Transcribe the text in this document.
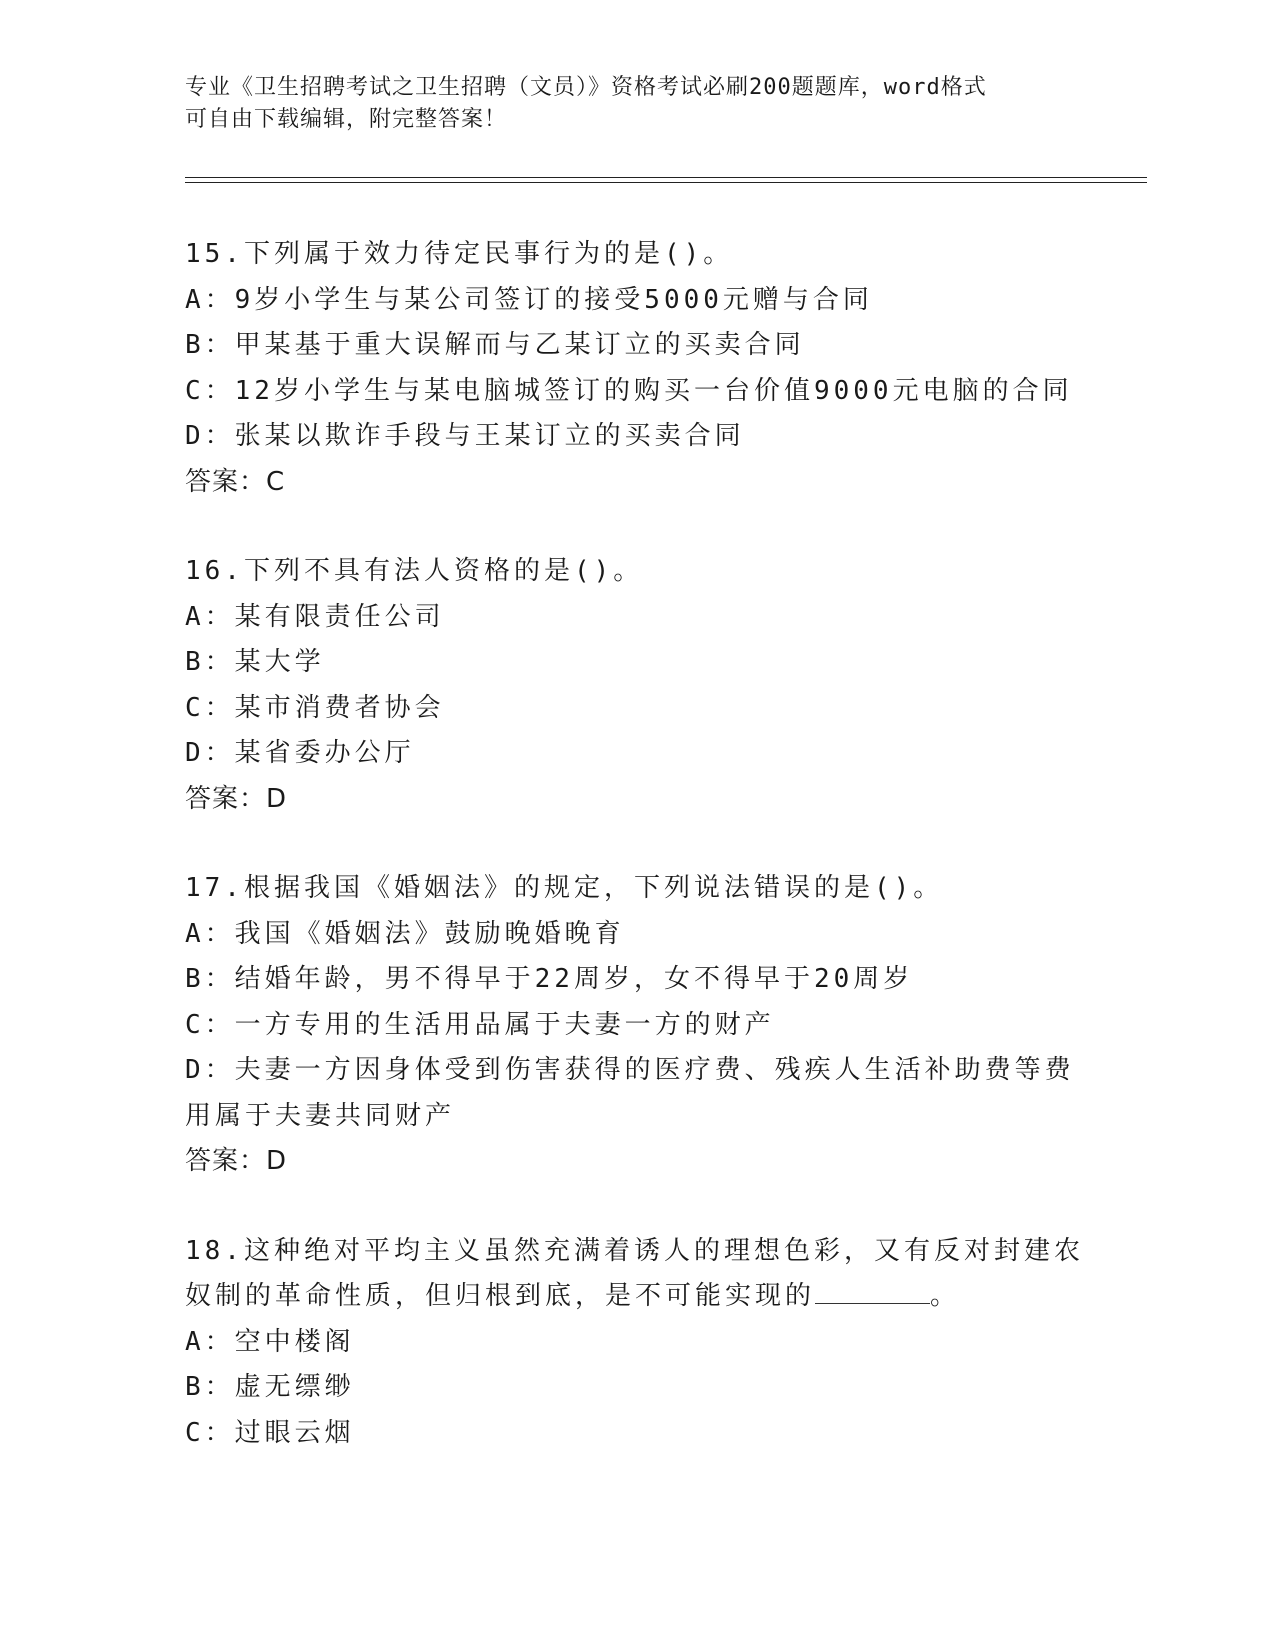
专业《卫生招聘考试之卫生招聘（文员）》资格考试必刷200题题库，word格式
可自由下载编辑，附完整答案！
15.下列属于效力待定民事行为的是()。
A：9岁小学生与某公司签订的接受5000元赠与合同
B：甲某基于重大误解而与乙某订立的买卖合同
C：12岁小学生与某电脑城签订的购买一台价值9000元电脑的合同
D：张某以欺诈手段与王某订立的买卖合同
答案：C
16.下列不具有法人资格的是()。
A：某有限责任公司
B：某大学
C：某市消费者协会
D：某省委办公厅
答案：D
17.根据我国《婚姻法》的规定，下列说法错误的是()。
A：我国《婚姻法》鼓励晚婚晚育
B：结婚年龄，男不得早于22周岁，女不得早于20周岁
C：一方专用的生活用品属于夫妻一方的财产
D：夫妻一方因身体受到伤害获得的医疗费、残疾人生活补助费等费用属于夫妻共同财产
答案：D
18.这种绝对平均主义虽然充满着诱人的理想色彩，又有反对封建农奴制的革命性质，但归根到底，是不可能实现的	。
A：空中楼阁
B：虚无缥缈
C：过眼云烟
